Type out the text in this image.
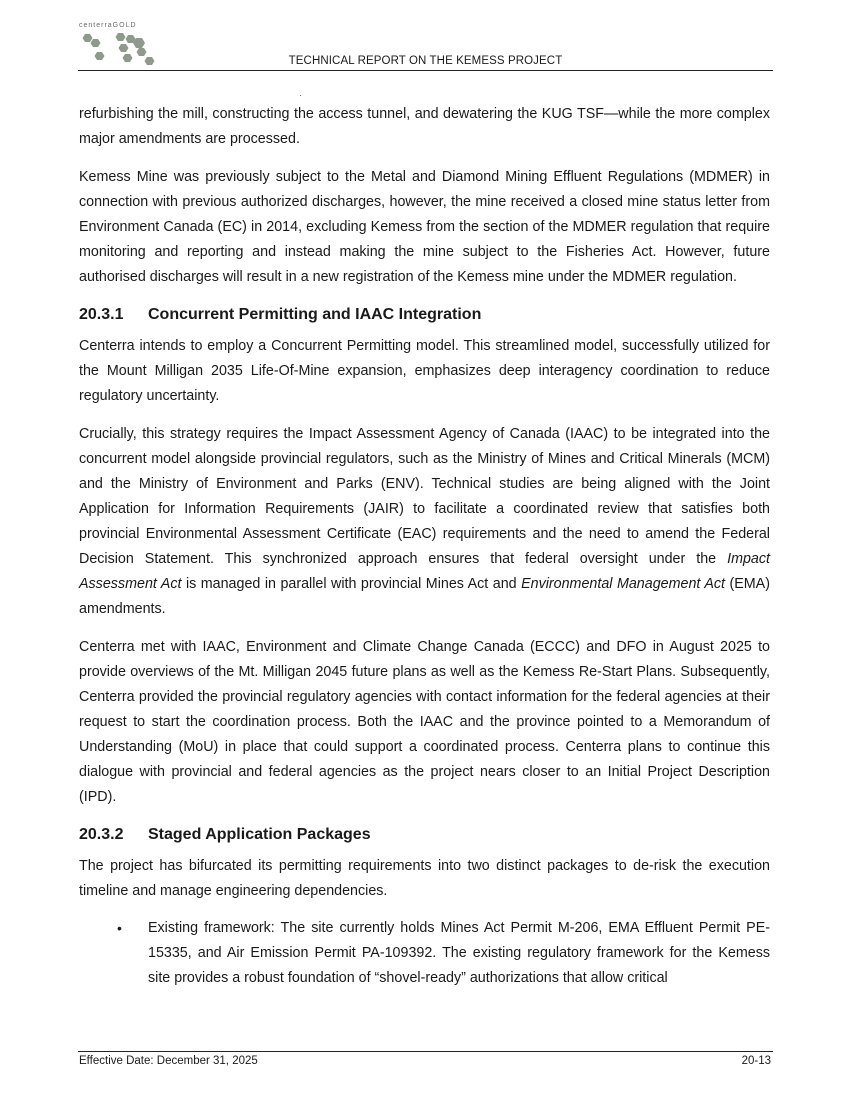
centerraGOLD
TECHNICAL REPORT ON THE KEMESS PROJECT

refurbishing the mill, constructing the access tunnel, and dewatering the KUG TSF—while the more complex major amendments are processed.

Kemess Mine was previously subject to the Metal and Diamond Mining Effluent Regulations (MDMER) in connection with previous authorized discharges, however, the mine received a closed mine status letter from Environment Canada (EC) in 2014, excluding Kemess from the section of the MDMER regulation that require monitoring and reporting and instead making the mine subject to the Fisheries Act. However, future authorised discharges will result in a new registration of the Kemess mine under the MDMER regulation.

20.3.1 Concurrent Permitting and IAAC Integration

Centerra intends to employ a Concurrent Permitting model. This streamlined model, successfully utilized for the Mount Milligan 2035 Life-Of-Mine expansion, emphasizes deep interagency coordination to reduce regulatory uncertainty.

Crucially, this strategy requires the Impact Assessment Agency of Canada (IAAC) to be integrated into the concurrent model alongside provincial regulators, such as the Ministry of Mines and Critical Minerals (MCM) and the Ministry of Environment and Parks (ENV). Technical studies are being aligned with the Joint Application for Information Requirements (JAIR) to facilitate a coordinated review that satisfies both provincial Environmental Assessment Certificate (EAC) requirements and the need to amend the Federal Decision Statement. This synchronized approach ensures that federal oversight under the Impact Assessment Act is managed in parallel with provincial Mines Act and Environmental Management Act (EMA) amendments.

Centerra met with IAAC, Environment and Climate Change Canada (ECCC) and DFO in August 2025 to provide overviews of the Mt. Milligan 2045 future plans as well as the Kemess Re-Start Plans. Subsequently, Centerra provided the provincial regulatory agencies with contact information for the federal agencies at their request to start the coordination process. Both the IAAC and the province pointed to a Memorandum of Understanding (MoU) in place that could support a coordinated process. Centerra plans to continue this dialogue with provincial and federal agencies as the project nears closer to an Initial Project Description (IPD).

20.3.2 Staged Application Packages

The project has bifurcated its permitting requirements into two distinct packages to de-risk the execution timeline and manage engineering dependencies.

• Existing framework: The site currently holds Mines Act Permit M-206, EMA Effluent Permit PE-15335, and Air Emission Permit PA-109392. The existing regulatory framework for the Kemess site provides a robust foundation of “shovel-ready” authorizations that allow critical

Effective Date: December 31, 2025	20-13
